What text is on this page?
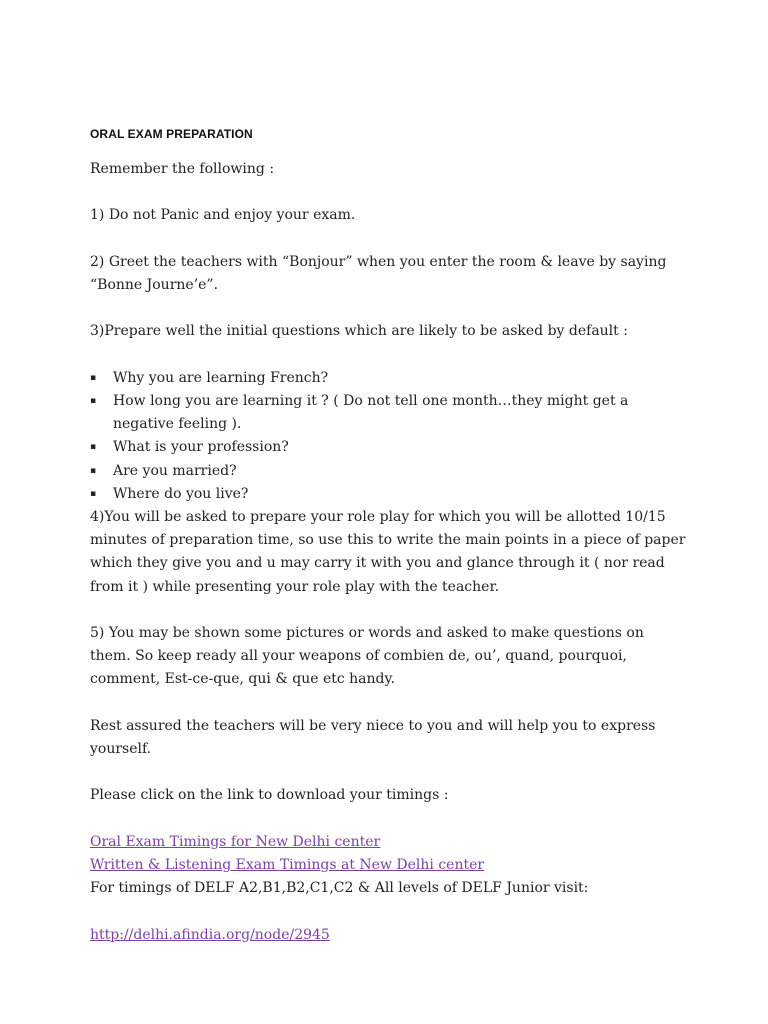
ORAL EXAM PREPARATION

Remember the following :

1) Do not Panic and enjoy your exam.

2) Greet the teachers with “Bonjour” when you enter the room & leave by saying “Bonne Journe’e”.

3)Prepare well the initial questions which are likely to be asked by default :

▪ Why you are learning French?
▪ How long you are learning it ? ( Do not tell one month…they might get a negative feeling ).
▪ What is your profession?
▪ Are you married?
▪ Where do you live?

4)You will be asked to prepare your role play for which you will be allotted 10/15 minutes of preparation time, so use this to write the main points in a piece of paper which they give you and u may carry it with you and glance through it ( nor read from it ) while presenting your role play with the teacher.

5) You may be shown some pictures or words and asked to make questions on them. So keep ready all your weapons of combien de, ou’, quand, pourquoi, comment, Est-ce-que, qui & que etc handy.

Rest assured the teachers will be very niece to you and will help you to express yourself.

Please click on the link to download your timings :

Oral Exam Timings for New Delhi center

Written & Listening Exam Timings at New Delhi center

For timings of DELF A2,B1,B2,C1,C2 & All levels of DELF Junior visit:

http://delhi.afindia.org/node/2945
